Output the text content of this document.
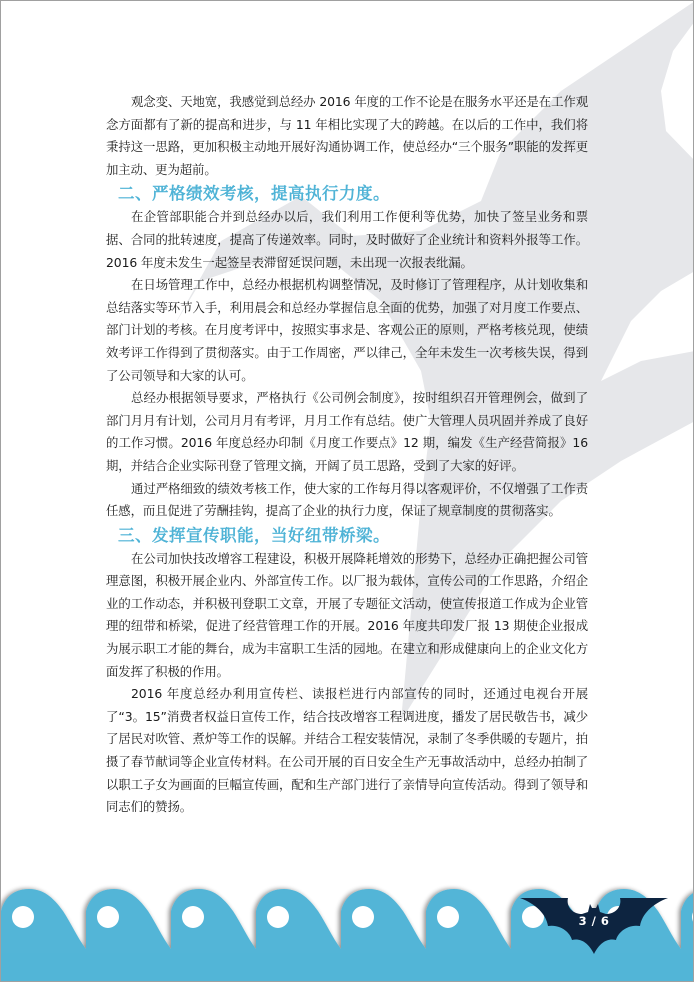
观念变、天地宽，我感觉到总经办 2016 年度的工作不论是在服务水平还是在工作观念方面都有了新的提高和进步，与 11 年相比实现了大的跨越。在以后的工作中，我们将秉持这一思路，更加积极主动地开展好沟通协调工作，使总经办“三个服务”职能的发挥更加主动、更为超前。

二、严格绩效考核，提高执行力度。

在企管部职能合并到总经办以后，我们利用工作便利等优势，加快了签呈业务和票据、合同的批转速度，提高了传递效率。同时，及时做好了企业统计和资料外报等工作。2016 年度未发生一起签呈表滞留延误问题，未出现一次报表纰漏。

在日场管理工作中，总经办根据机构调整情况，及时修订了管理程序，从计划收集和总结落实等环节入手，利用晨会和总经办掌握信息全面的优势，加强了对月度工作要点、部门计划的考核。在月度考评中，按照实事求是、客观公正的原则，严格考核兑现，使绩效考评工作得到了贯彻落实。由于工作周密，严以律己，全年未发生一次考核失误，得到了公司领导和大家的认可。

总经办根据领导要求，严格执行《公司例会制度》，按时组织召开管理例会，做到了部门月月有计划，公司月月有考评，月月工作有总结。使广大管理人员巩固并养成了良好的工作习惯。2016 年度总经办印制《月度工作要点》12 期，编发《生产经营简报》16 期，并结合企业实际刊登了管理文摘，开阔了员工思路，受到了大家的好评。

通过严格细致的绩效考核工作，使大家的工作每月得以客观评价，不仅增强了工作责任感，而且促进了劳酬挂钩，提高了企业的执行力度，保证了规章制度的贯彻落实。

三、发挥宣传职能，当好纽带桥梁。

在公司加快技改增容工程建设，积极开展降耗增效的形势下，总经办正确把握公司管理意图，积极开展企业内、外部宣传工作。以厂报为载体，宣传公司的工作思路，介绍企业的工作动态，并积极刊登职工文章，开展了专题征文活动，使宣传报道工作成为企业管理的纽带和桥梁，促进了经营管理工作的开展。2016 年度共印发厂报 13 期使企业报成为展示职工才能的舞台，成为丰富职工生活的园地。在建立和形成健康向上的企业文化方面发挥了积极的作用。

2016 年度总经办利用宣传栏、读报栏进行内部宣传的同时，还通过电视台开展了“3。15”消费者权益日宣传工作，结合技改增容工程调进度，播发了居民敬告书，减少了居民对吹管、煮炉等工作的误解。并结合工程安装情况，录制了冬季供暖的专题片，拍摄了春节献词等企业宣传材料。在公司开展的百日安全生产无事故活动中，总经办拍制了以职工子女为画面的巨幅宣传画，配和生产部门进行了亲情导向宣传活动。得到了领导和同志们的赞扬。

3 / 6
